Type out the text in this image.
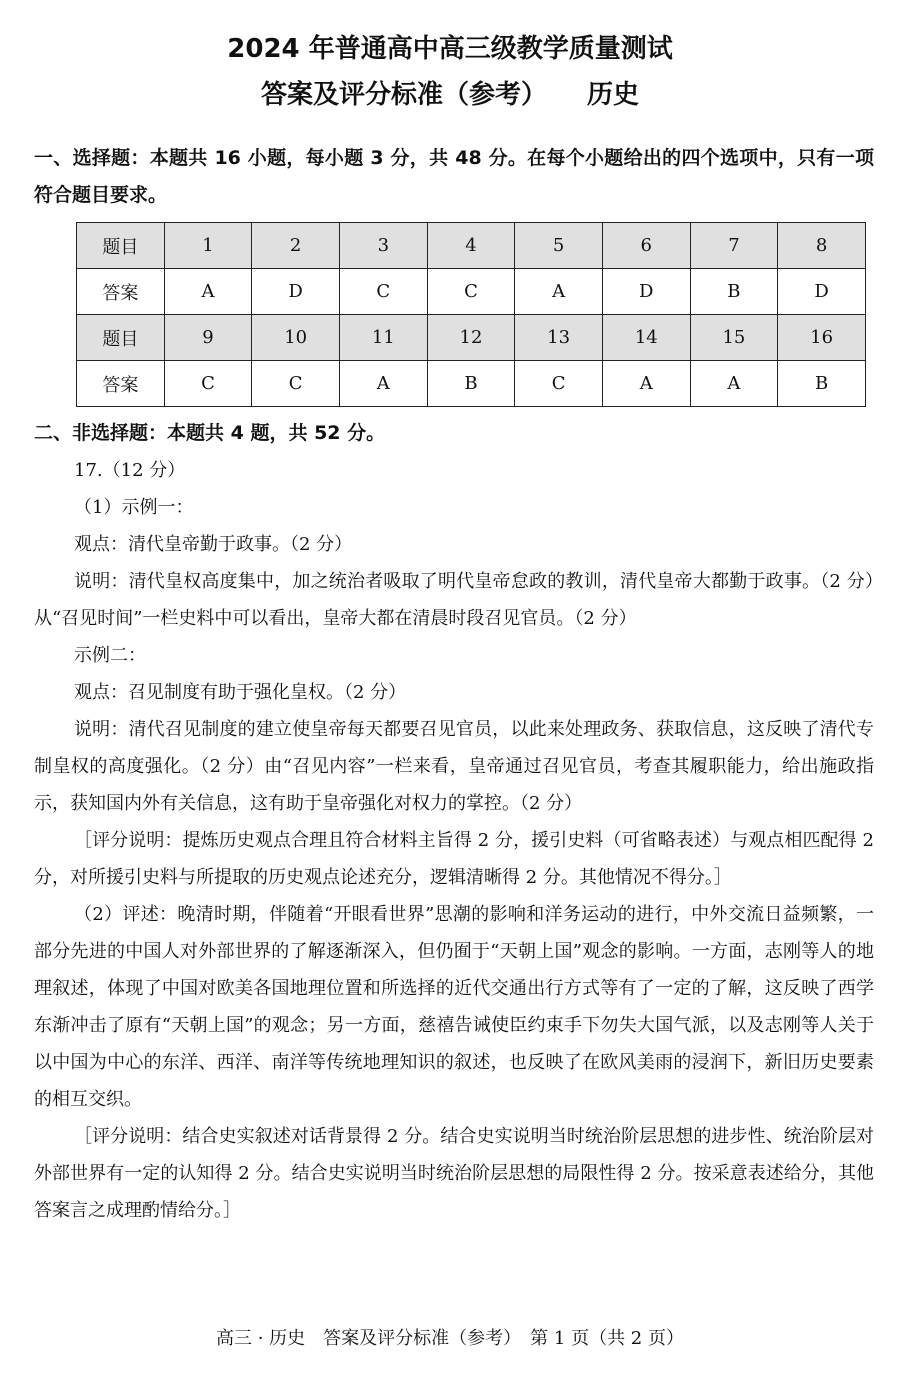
2024 年普通高中高三级教学质量测试
答案及评分标准（参考） 历史
一、选择题：本题共 16 小题，每小题 3 分，共 48 分。在每个小题给出的四个选项中，只有一项符合题目要求。
题目	1	2	3	4	5	6	7	8
答案	A	D	C	C	A	D	B	D
题目	9	10	11	12	13	14	15	16
答案	C	C	A	B	C	A	A	B
二、非选择题：本题共 4 题，共 52 分。
17.（12 分）
（1）示例一：
观点：清代皇帝勤于政事。（2 分）
说明：清代皇权高度集中，加之统治者吸取了明代皇帝怠政的教训，清代皇帝大都勤于政事。（2 分）从“召见时间”一栏史料中可以看出，皇帝大都在清晨时段召见官员。（2 分）
示例二：
观点：召见制度有助于强化皇权。（2 分）
说明：清代召见制度的建立使皇帝每天都要召见官员，以此来处理政务、获取信息，这反映了清代专制皇权的高度强化。（2 分）由“召见内容”一栏来看，皇帝通过召见官员，考查其履职能力，给出施政指示，获知国内外有关信息，这有助于皇帝强化对权力的掌控。（2 分）
［评分说明：提炼历史观点合理且符合材料主旨得 2 分，援引史料（可省略表述）与观点相匹配得 2 分，对所援引史料与所提取的历史观点论述充分，逻辑清晰得 2 分。其他情况不得分。］
（2）评述：晚清时期，伴随着“开眼看世界”思潮的影响和洋务运动的进行，中外交流日益频繁，一部分先进的中国人对外部世界的了解逐渐深入，但仍囿于“天朝上国”观念的影响。一方面，志刚等人的地理叙述，体现了中国对欧美各国地理位置和所选择的近代交通出行方式等有了一定的了解，这反映了西学东渐冲击了原有“天朝上国”的观念；另一方面，慈禧告诫使臣约束手下勿失大国气派，以及志刚等人关于以中国为中心的东洋、西洋、南洋等传统地理知识的叙述，也反映了在欧风美雨的浸润下，新旧历史要素的相互交织。
［评分说明：结合史实叙述对话背景得 2 分。结合史实说明当时统治阶层思想的进步性、统治阶层对外部世界有一定的认知得 2 分。结合史实说明当时统治阶层思想的局限性得 2 分。按采意表述给分，其他答案言之成理酌情给分。］
高三 · 历史　答案及评分标准（参考）　第 1 页（共 2 页）
